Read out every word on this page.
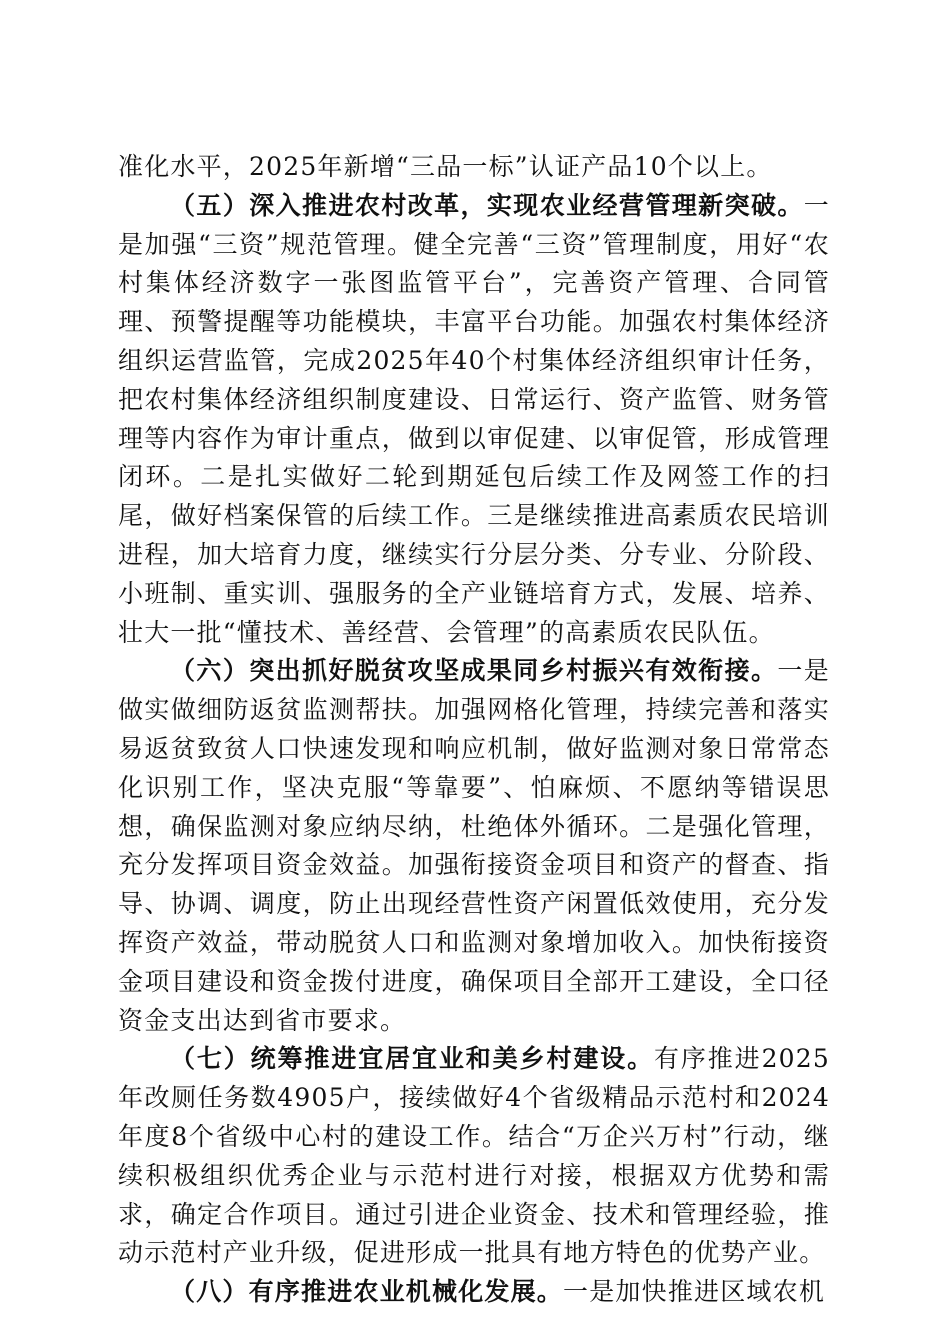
准化水平，2025年新增“三品一标”认证产品10个以上。

（五）深入推进农村改革，实现农业经营管理新突破。一是加强“三资”规范管理。健全完善“三资”管理制度，用好“农村集体经济数字一张图监管平台”，完善资产管理、合同管理、预警提醒等功能模块，丰富平台功能。加强农村集体经济组织运营监管，完成2025年40个村集体经济组织审计任务，把农村集体经济组织制度建设、日常运行、资产监管、财务管理等内容作为审计重点，做到以审促建、以审促管，形成管理闭环。二是扎实做好二轮到期延包后续工作及网签工作的扫尾，做好档案保管的后续工作。三是继续推进高素质农民培训进程，加大培育力度，继续实行分层分类、分专业、分阶段、小班制、重实训、强服务的全产业链培育方式，发展、培养、壮大一批“懂技术、善经营、会管理”的高素质农民队伍。

（六）突出抓好脱贫攻坚成果同乡村振兴有效衔接。一是做实做细防返贫监测帮扶。加强网格化管理，持续完善和落实易返贫致贫人口快速发现和响应机制，做好监测对象日常常态化识别工作，坚决克服“等靠要”、怕麻烦、不愿纳等错误思想，确保监测对象应纳尽纳，杜绝体外循环。二是强化管理，充分发挥项目资金效益。加强衔接资金项目和资产的督查、指导、协调、调度，防止出现经营性资产闲置低效使用，充分发挥资产效益，带动脱贫人口和监测对象增加收入。加快衔接资金项目建设和资金拨付进度，确保项目全部开工建设，全口径资金支出达到省市要求。

（七）统筹推进宜居宜业和美乡村建设。有序推进2025年改厕任务数4905户，接续做好4个省级精品示范村和2024年度8个省级中心村的建设工作。结合“万企兴万村”行动，继续积极组织优秀企业与示范村进行对接，根据双方优势和需求，确定合作项目。通过引进企业资金、技术和管理经验，推动示范村产业升级，促进形成一批具有地方特色的优势产业。

（八）有序推进农业机械化发展。一是加快推进区域农机
